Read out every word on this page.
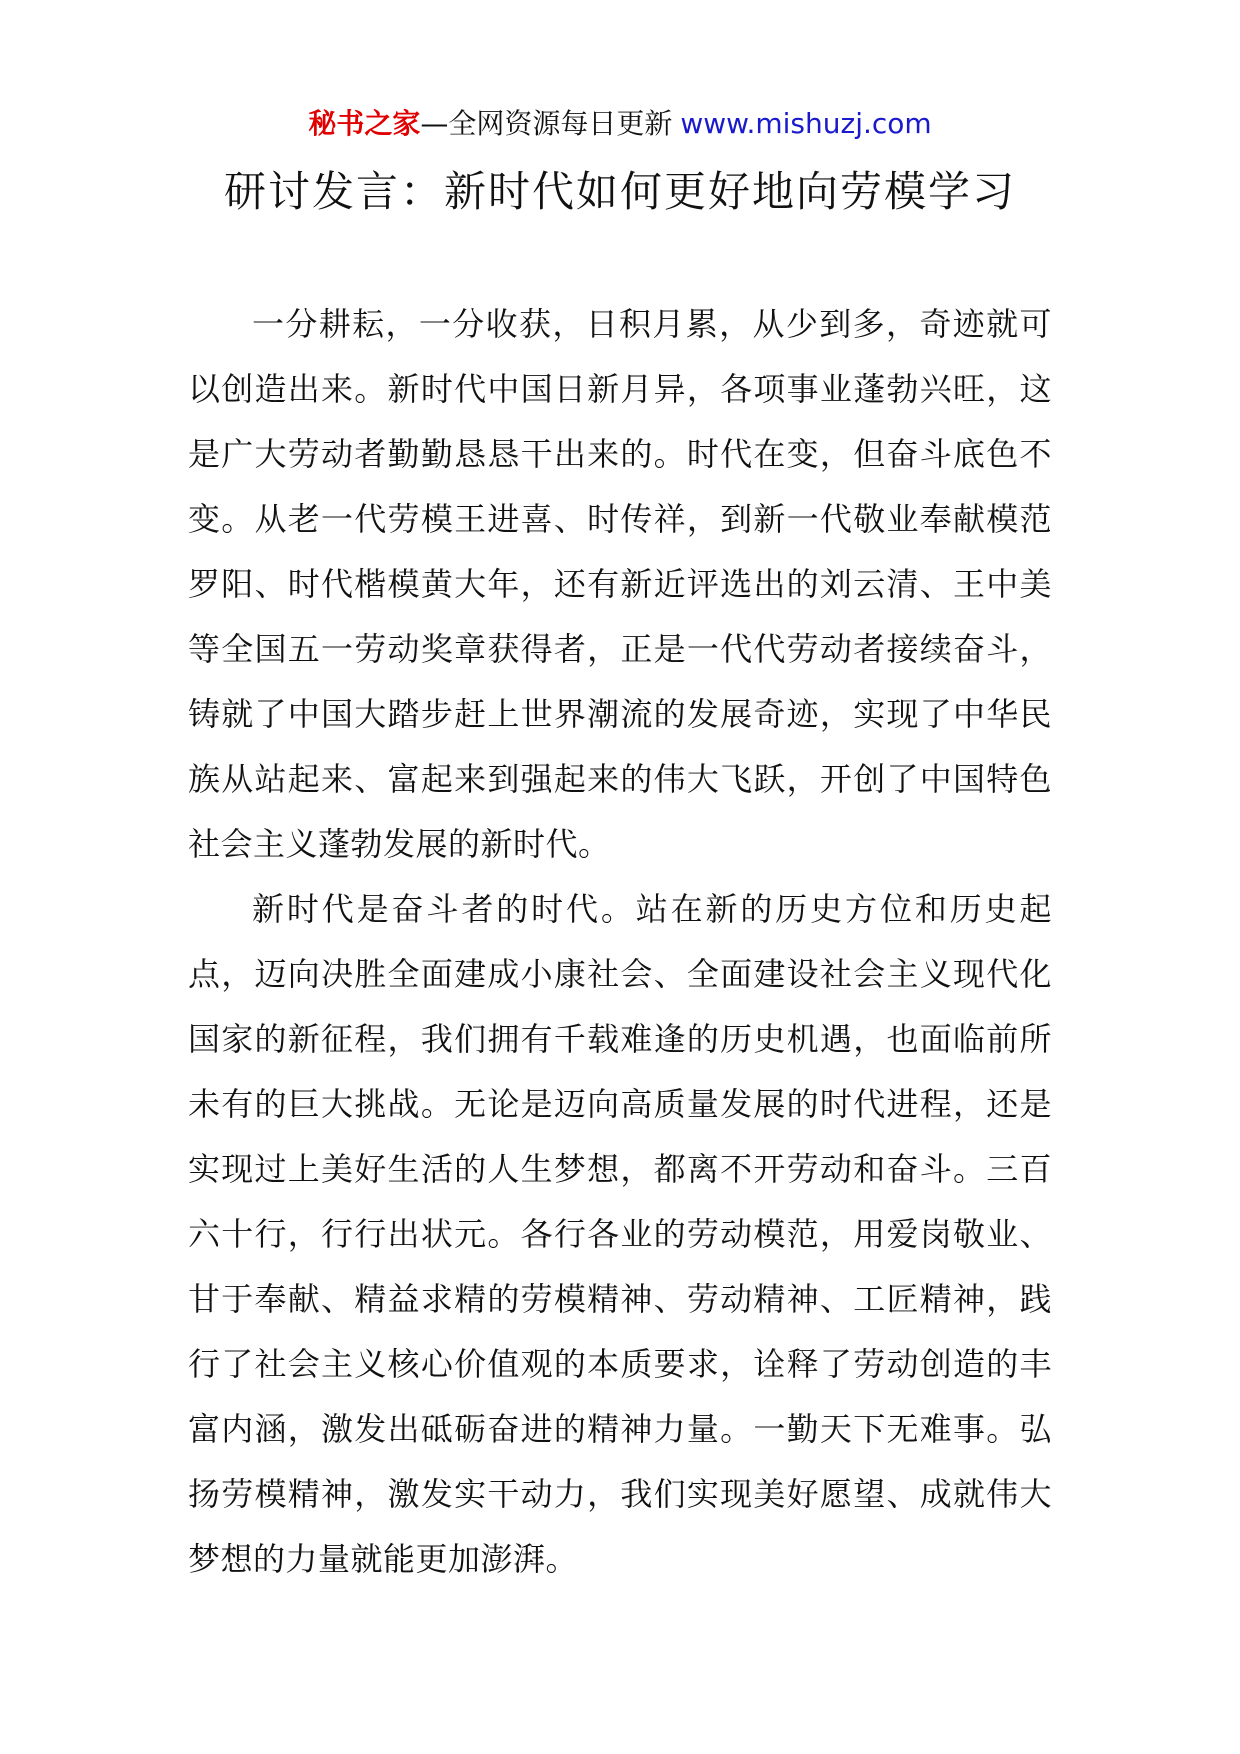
秘书之家—全网资源每日更新 www.mishuzj.com
研讨发言：新时代如何更好地向劳模学习

一分耕耘，一分收获，日积月累，从少到多，奇迹就可以创造出来。新时代中国日新月异，各项事业蓬勃兴旺，这是广大劳动者勤勤恳恳干出来的。时代在变，但奋斗底色不变。从老一代劳模王进喜、时传祥，到新一代敬业奉献模范罗阳、时代楷模黄大年，还有新近评选出的刘云清、王中美等全国五一劳动奖章获得者，正是一代代劳动者接续奋斗，铸就了中国大踏步赶上世界潮流的发展奇迹，实现了中华民族从站起来、富起来到强起来的伟大飞跃，开创了中国特色社会主义蓬勃发展的新时代。

新时代是奋斗者的时代。站在新的历史方位和历史起点，迈向决胜全面建成小康社会、全面建设社会主义现代化国家的新征程，我们拥有千载难逢的历史机遇，也面临前所未有的巨大挑战。无论是迈向高质量发展的时代进程，还是实现过上美好生活的人生梦想，都离不开劳动和奋斗。三百六十行，行行出状元。各行各业的劳动模范，用爱岗敬业、甘于奉献、精益求精的劳模精神、劳动精神、工匠精神，践行了社会主义核心价值观的本质要求，诠释了劳动创造的丰富内涵，激发出砥砺奋进的精神力量。一勤天下无难事。弘扬劳模精神，激发实干动力，我们实现美好愿望、成就伟大梦想的力量就能更加澎湃。
